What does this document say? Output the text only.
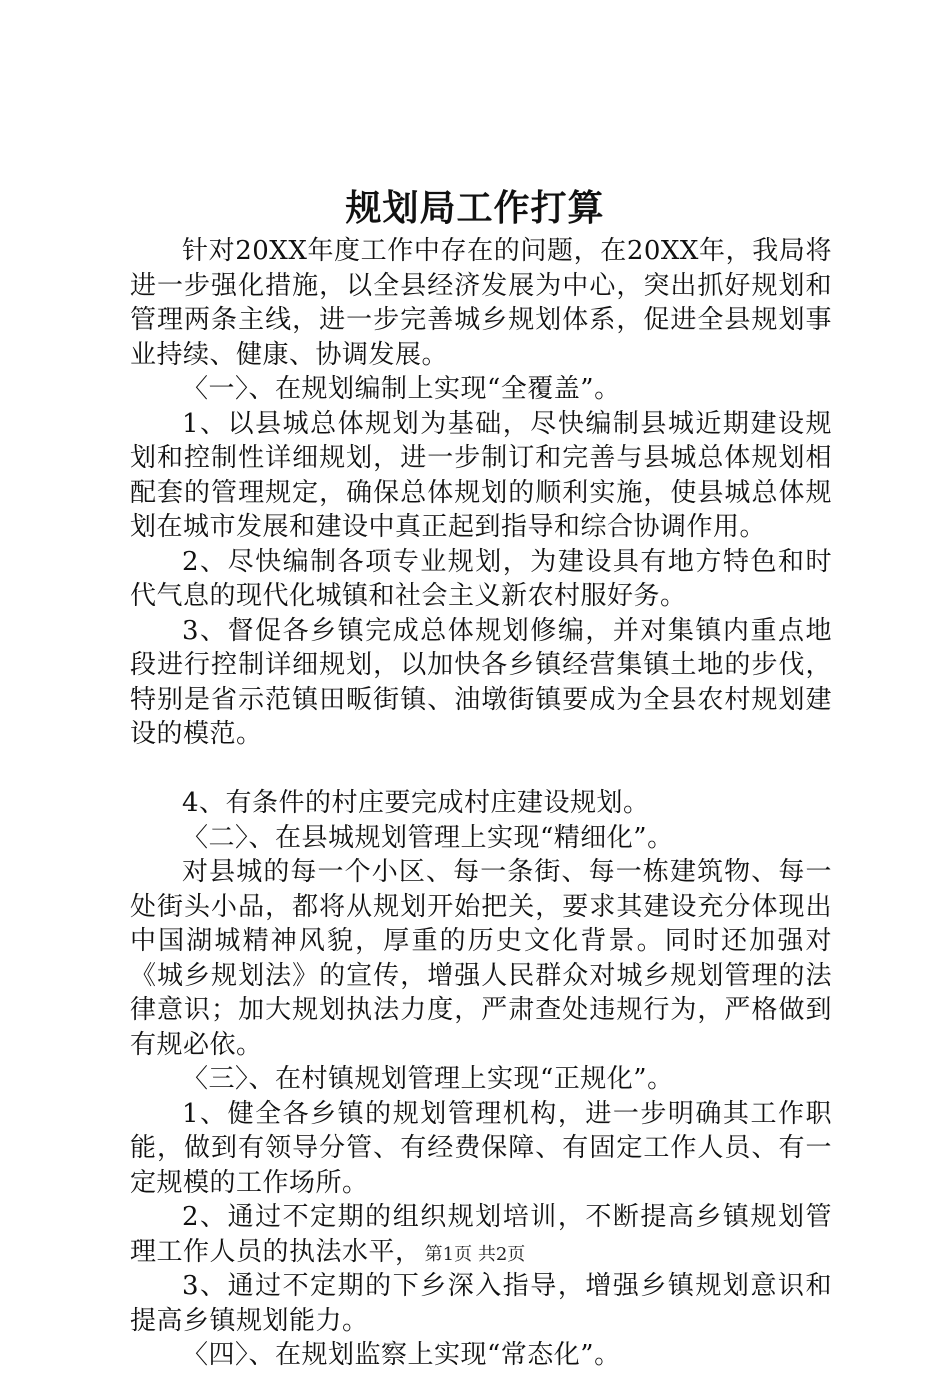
规划局工作打算

针对20XX年度工作中存在的问题，在20XX年，我局将进一步强化措施，以全县经济发展为中心，突出抓好规划和管理两条主线，进一步完善城乡规划体系，促进全县规划事业持续、健康、协调发展。

〈一〉、在规划编制上实现“全覆盖”。

1、以县城总体规划为基础，尽快编制县城近期建设规划和控制性详细规划，进一步制订和完善与县城总体规划相配套的管理规定，确保总体规划的顺利实施，使县城总体规划在城市发展和建设中真正起到指导和综合协调作用。

2、尽快编制各项专业规划，为建设具有地方特色和时代气息的现代化城镇和社会主义新农村服好务。

3、督促各乡镇完成总体规划修编，并对集镇内重点地段进行控制详细规划，以加快各乡镇经营集镇土地的步伐，特别是省示范镇田畈街镇、油墩街镇要成为全县农村规划建设的模范。

4、有条件的村庄要完成村庄建设规划。

〈二〉、在县城规划管理上实现“精细化”。

对县城的每一个小区、每一条街、每一栋建筑物、每一处街头小品，都将从规划开始把关，要求其建设充分体现出中国湖城精神风貌，厚重的历史文化背景。同时还加强对《城乡规划法》的宣传，增强人民群众对城乡规划管理的法律意识；加大规划执法力度，严肃查处违规行为，严格做到有规必依。

〈三〉、在村镇规划管理上实现“正规化”。

1、健全各乡镇的规划管理机构，进一步明确其工作职能，做到有领导分管、有经费保障、有固定工作人员、有一定规模的工作场所。

2、通过不定期的组织规划培训，不断提高乡镇规划管理工作人员的执法水平，

3、通过不定期的下乡深入指导，增强乡镇规划意识和提高乡镇规划能力。

〈四〉、在规划监察上实现“常态化”。

第1页 共2页
